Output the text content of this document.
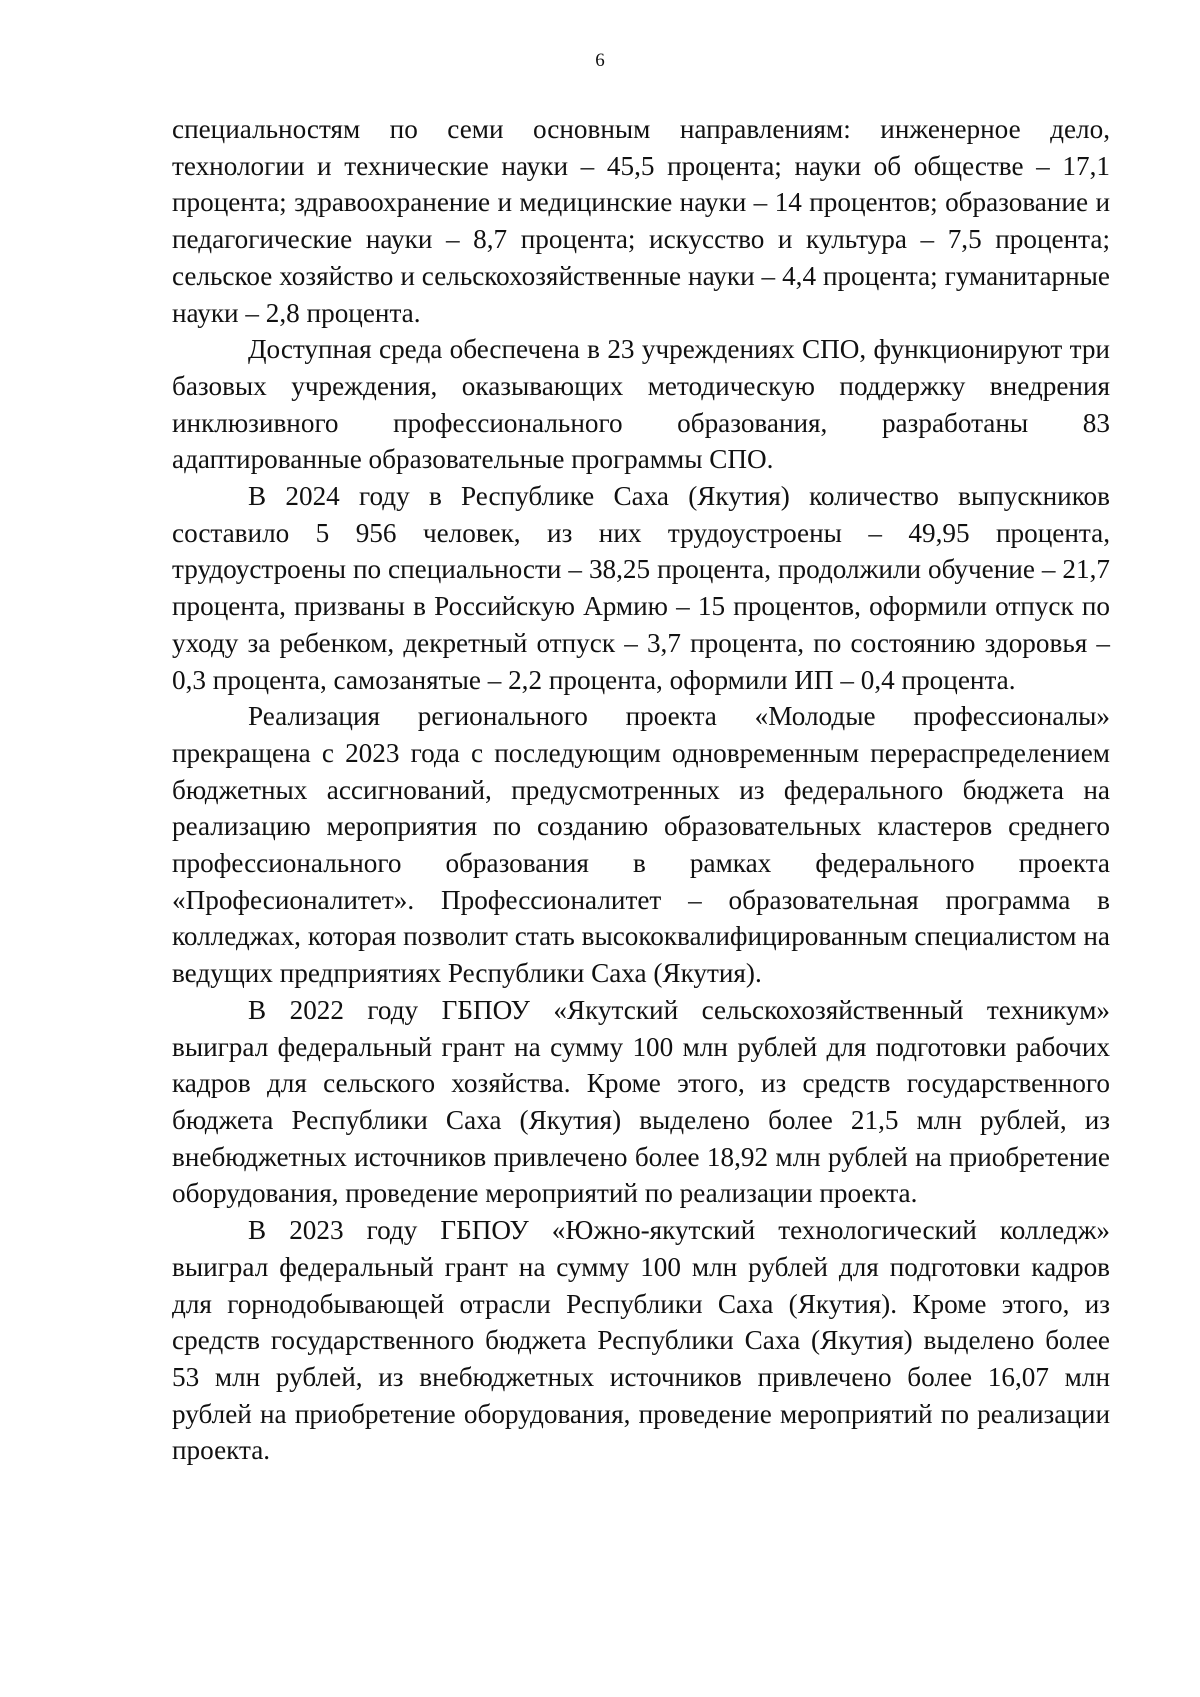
6

специальностям по семи основным направлениям: инженерное дело, технологии и технические науки – 45,5 процента; науки об обществе – 17,1 процента; здравоохранение и медицинские науки – 14 процентов; образование и педагогические науки – 8,7 процента; искусство и культура – 7,5 процента; сельское хозяйство и сельскохозяйственные науки – 4,4 процента; гуманитарные науки – 2,8 процента.

Доступная среда обеспечена в 23 учреждениях СПО, функционируют три базовых учреждения, оказывающих методическую поддержку внедрения инклюзивного профессионального образования, разработаны 83 адаптированные образовательные программы СПО.

В 2024 году в Республике Саха (Якутия) количество выпускников составило 5 956 человек, из них трудоустроены – 49,95 процента, трудоустроены по специальности – 38,25 процента, продолжили обучение – 21,7 процента, призваны в Российскую Армию – 15 процентов, оформили отпуск по уходу за ребенком, декретный отпуск – 3,7 процента, по состоянию здоровья – 0,3 процента, самозанятые – 2,2 процента, оформили ИП – 0,4 процента.

Реализация регионального проекта «Молодые профессионалы» прекращена с 2023 года с последующим одновременным перераспределением бюджетных ассигнований, предусмотренных из федерального бюджета на реализацию мероприятия по созданию образовательных кластеров среднего профессионального образования в рамках федерального проекта «Професионалитет». Профессионалитет – образовательная программа в колледжах, которая позволит стать высококвалифицированным специалистом на ведущих предприятиях Республики Саха (Якутия).

В 2022 году ГБПОУ «Якутский сельскохозяйственный техникум» выиграл федеральный грант на сумму 100 млн рублей для подготовки рабочих кадров для сельского хозяйства. Кроме этого, из средств государственного бюджета Республики Саха (Якутия) выделено более 21,5 млн рублей, из внебюджетных источников привлечено более 18,92 млн рублей на приобретение оборудования, проведение мероприятий по реализации проекта.

В 2023 году ГБПОУ «Южно-якутский технологический колледж» выиграл федеральный грант на сумму 100 млн рублей для подготовки кадров для горнодобывающей отрасли Республики Саха (Якутия). Кроме этого, из средств государственного бюджета Республики Саха (Якутия) выделено более 53 млн рублей, из внебюджетных источников привлечено более 16,07 млн рублей на приобретение оборудования, проведение мероприятий по реализации проекта.
